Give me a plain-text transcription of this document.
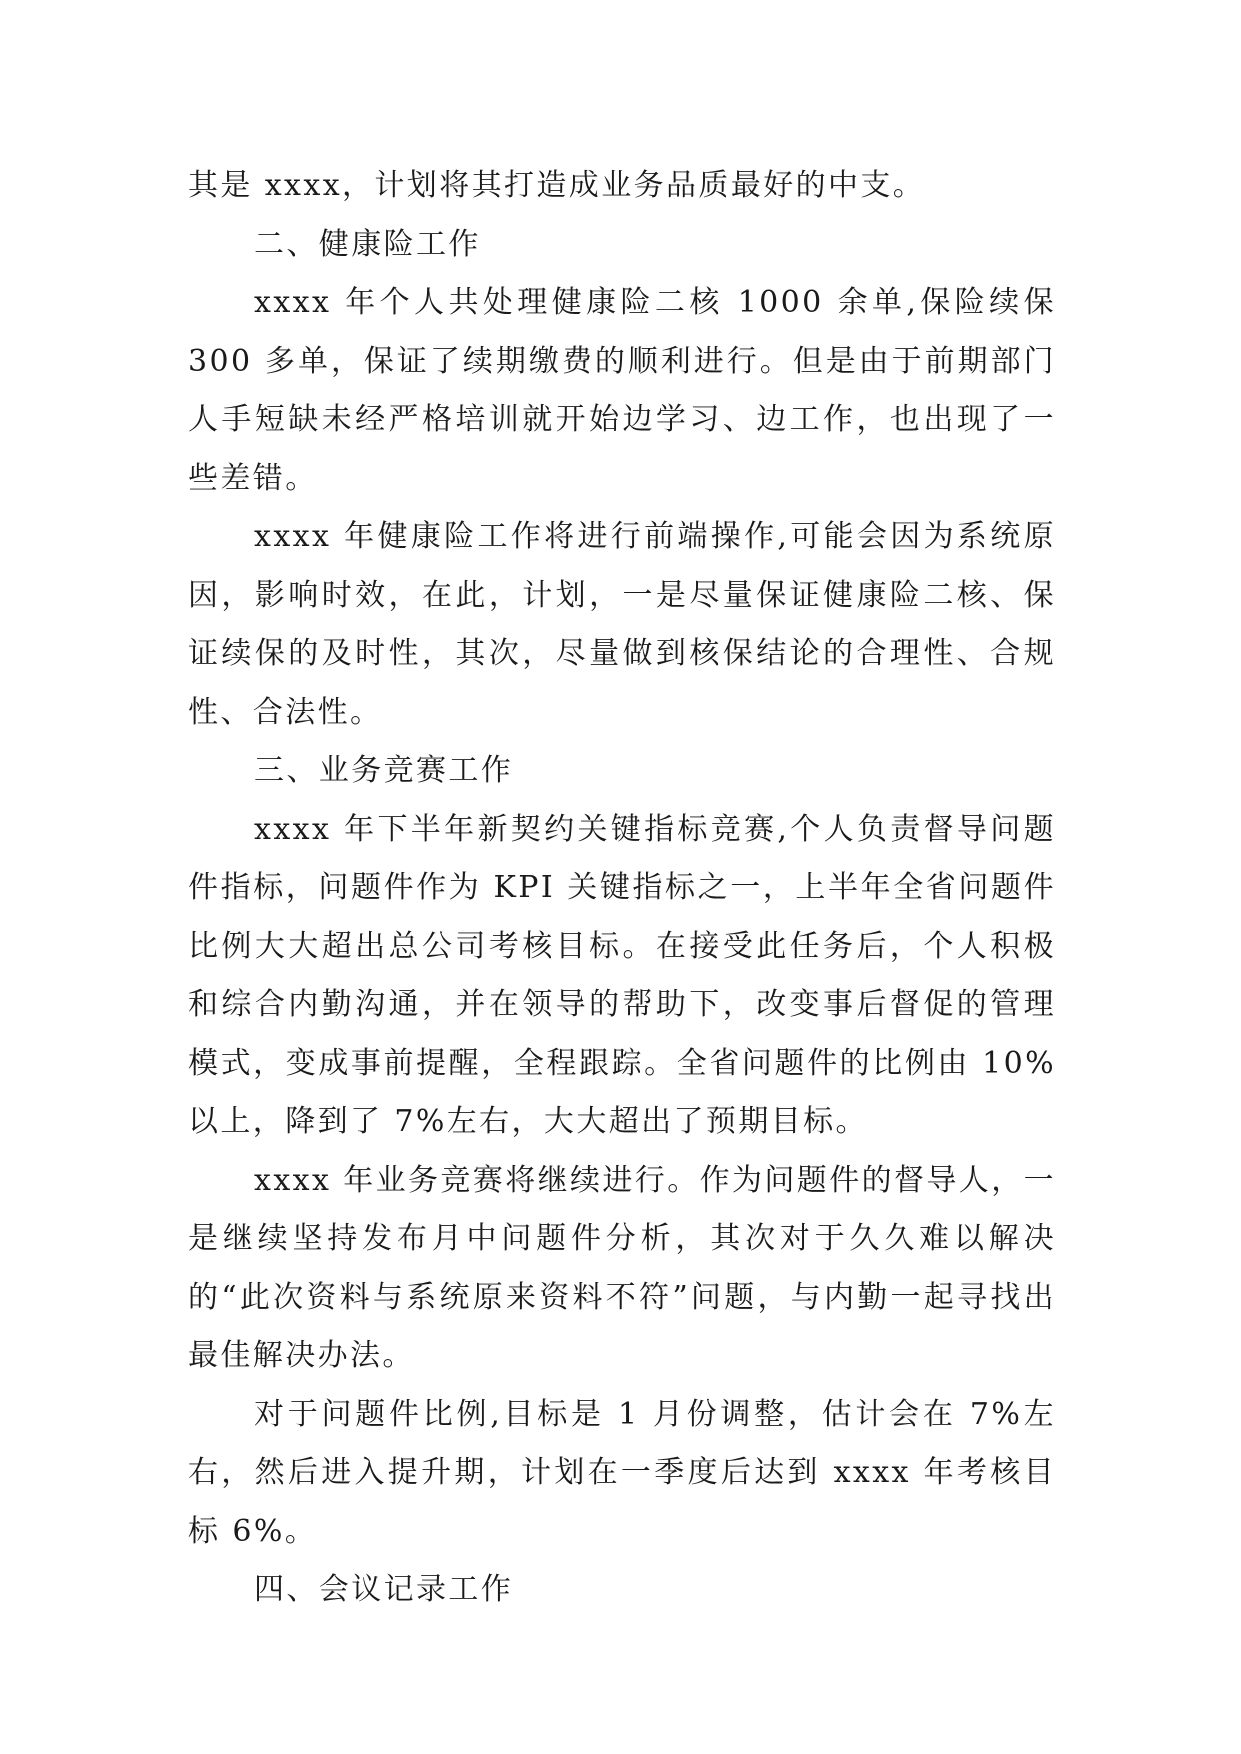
其是 xxxx，计划将其打造成业务品质最好的中支。

二、健康险工作

xxxx 年个人共处理健康险二核 1000 余单,保险续保 300 多单，保证了续期缴费的顺利进行。但是由于前期部门人手短缺未经严格培训就开始边学习、边工作，也出现了一些差错。

xxxx 年健康险工作将进行前端操作,可能会因为系统原因，影响时效，在此，计划，一是尽量保证健康险二核、保证续保的及时性，其次，尽量做到核保结论的合理性、合规性、合法性。

三、业务竞赛工作

xxxx 年下半年新契约关键指标竞赛,个人负责督导问题件指标，问题件作为 KPI 关键指标之一，上半年全省问题件比例大大超出总公司考核目标。在接受此任务后，个人积极和综合内勤沟通，并在领导的帮助下，改变事后督促的管理模式，变成事前提醒，全程跟踪。全省问题件的比例由 10%以上，降到了 7%左右，大大超出了预期目标。

xxxx 年业务竞赛将继续进行。作为问题件的督导人，一是继续坚持发布月中问题件分析，其次对于久久难以解决的“此次资料与系统原来资料不符”问题，与内勤一起寻找出最佳解决办法。

对于问题件比例,目标是 1 月份调整，估计会在 7%左右，然后进入提升期，计划在一季度后达到 xxxx 年考核目标 6%。

四、会议记录工作
